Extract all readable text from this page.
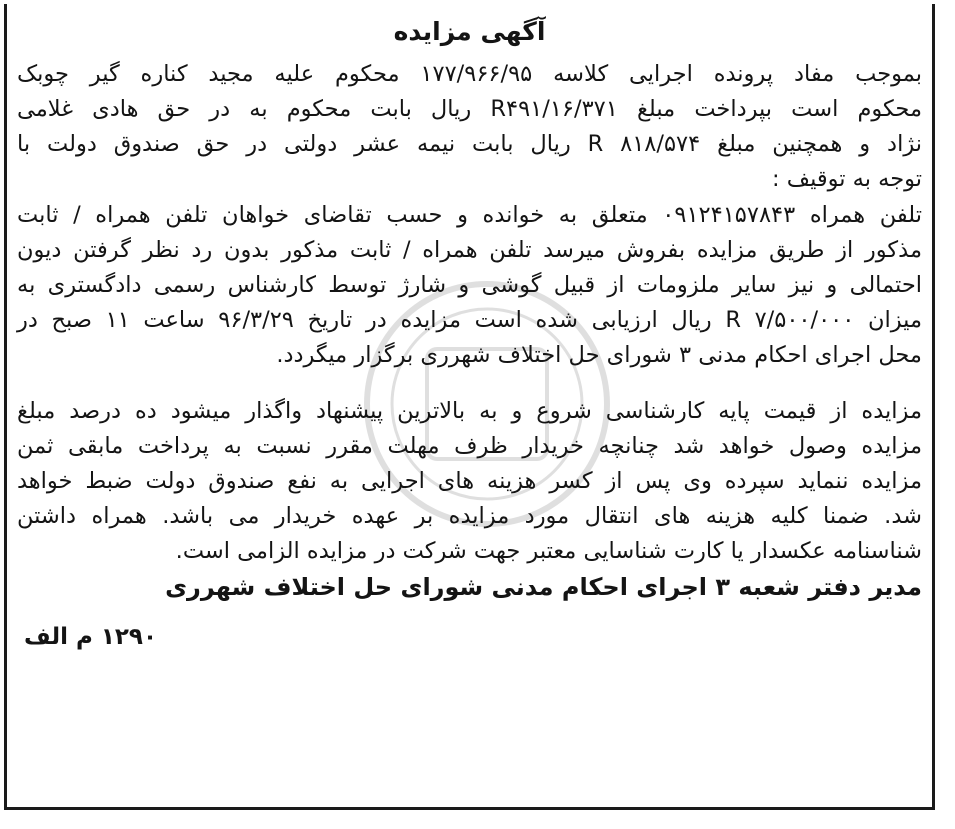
آگهی مزایده
بموجب مفاد پرونده اجرایی کلاسه ۱۷۷/۹۶۶/۹۵ محکوم علیه مجید کناره گیر چوبک
محکوم است بپرداخت مبلغ ۱۶/۳۷۱/R۴۹۱ ریال بابت محکوم به در حق هادی غلامی
نژاد و همچنین مبلغ R ۸۱۸/۵۷۴ ریال بابت نیمه عشر دولتی در حق صندوق دولت با
توجه به توقیف :
تلفن همراه ۰۹۱۲۴۱۵۷۸۴۳ متعلق به خوانده و حسب تقاضای خواهان تلفن همراه / ثابت
مذکور از طریق مزایده بفروش میرسد تلفن همراه / ثابت مذکور بدون رد نظر گرفتن دیون
احتمالی و نیز سایر ملزومات از قبیل گوشی و شارژ توسط کارشناس رسمی دادگستری به
میزان R ۷/۵۰۰/۰۰۰ ریال ارزیابی شده است مزایده در تاریخ ۹۶/۳/۲۹ ساعت ۱۱ صبح در
محل اجرای احکام مدنی ۳ شورای حل اختلاف شهرری برگزار میگردد.
مزایده از قیمت پایه کارشناسی شروع و به بالاترین پیشنهاد واگذار میشود ده درصد مبلغ
مزایده وصول خواهد شد چنانچه خریدار ظرف مهلت مقرر نسبت به پرداخت مابقی ثمن
مزایده ننماید سپرده وی پس از کسر هزینه های اجرایی به نفع صندوق دولت ضبط خواهد
شد. ضمنا کلیه هزینه های انتقال مورد مزایده بر عهده خریدار می باشد. همراه داشتن
شناسنامه عکسدار یا کارت شناسایی معتبر جهت شرکت در مزایده الزامی است.
مدیر دفتر شعبه ۳ اجرای احکام مدنی شورای حل اختلاف شهرری
۱۲۹۰ م الف
